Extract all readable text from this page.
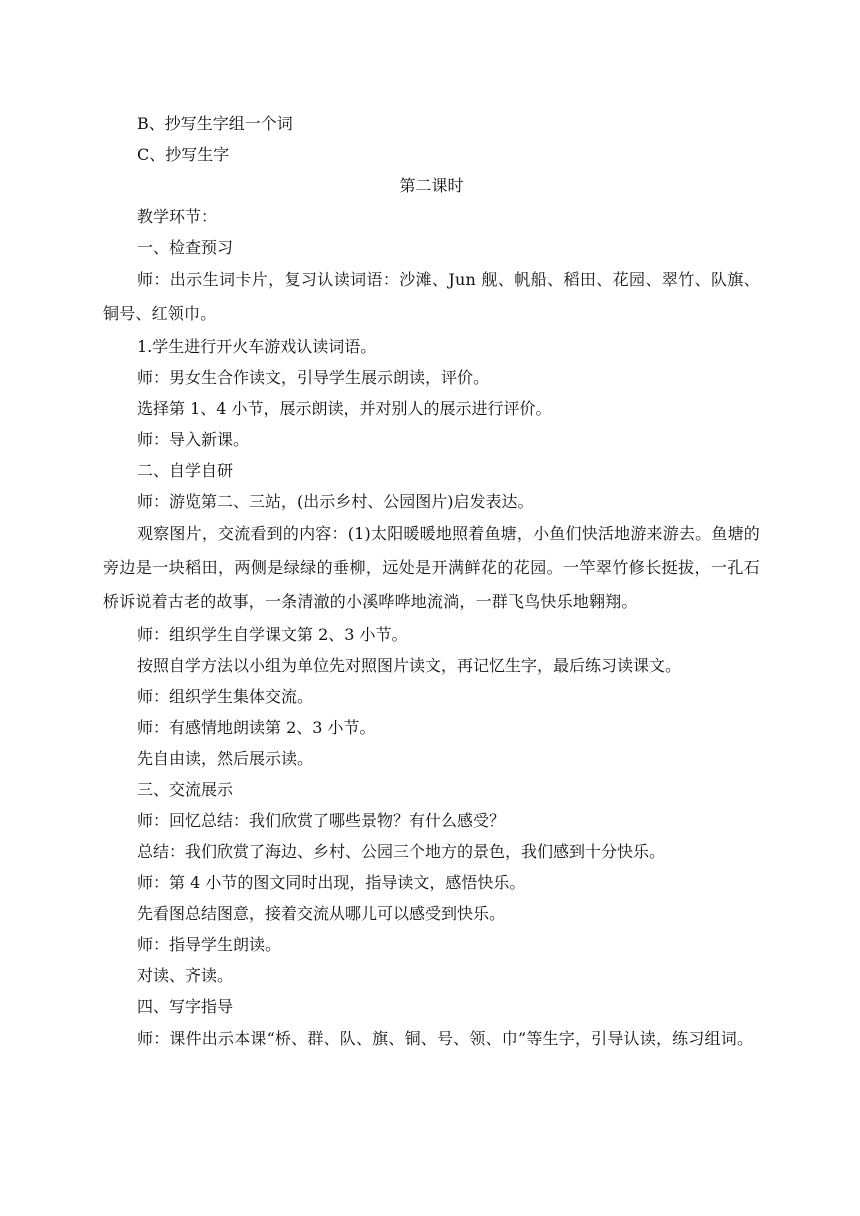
B、抄写生字组一个词
C、抄写生字
第二课时
教学环节：
一、检查预习

师：出示生词卡片，复习认读词语：沙滩、Jun 舰、帆船、稻田、花园、翠竹、队旗、铜号、红领巾。

1.学生进行开火车游戏认读词语。
师：男女生合作读文，引导学生展示朗读，评价。
选择第 1、4 小节，展示朗读，并对别人的展示进行评价。
师：导入新课。
二、自学自研
师：游览第二、三站，(出示乡村、公园图片)启发表达。

观察图片，交流看到的内容：(1)太阳暖暖地照着鱼塘，小鱼们快活地游来游去。鱼塘的旁边是一块稻田，两侧是绿绿的垂柳，远处是开满鲜花的花园。一竿翠竹修长挺拔，一孔石桥诉说着古老的故事，一条清澈的小溪哗哗地流淌，一群飞鸟快乐地翱翔。

师：组织学生自学课文第 2、3 小节。
按照自学方法以小组为单位先对照图片读文，再记忆生字，最后练习读课文。
师：组织学生集体交流。
师：有感情地朗读第 2、3 小节。
先自由读，然后展示读。
三、交流展示
师：回忆总结：我们欣赏了哪些景物？有什么感受？
总结：我们欣赏了海边、乡村、公园三个地方的景色，我们感到十分快乐。
师：第 4 小节的图文同时出现，指导读文，感悟快乐。
先看图总结图意，接着交流从哪儿可以感受到快乐。
师：指导学生朗读。
对读、齐读。
四、写字指导

师：课件出示本课“桥、群、队、旗、铜、号、领、巾”等生字，引导认读，练习组词。
